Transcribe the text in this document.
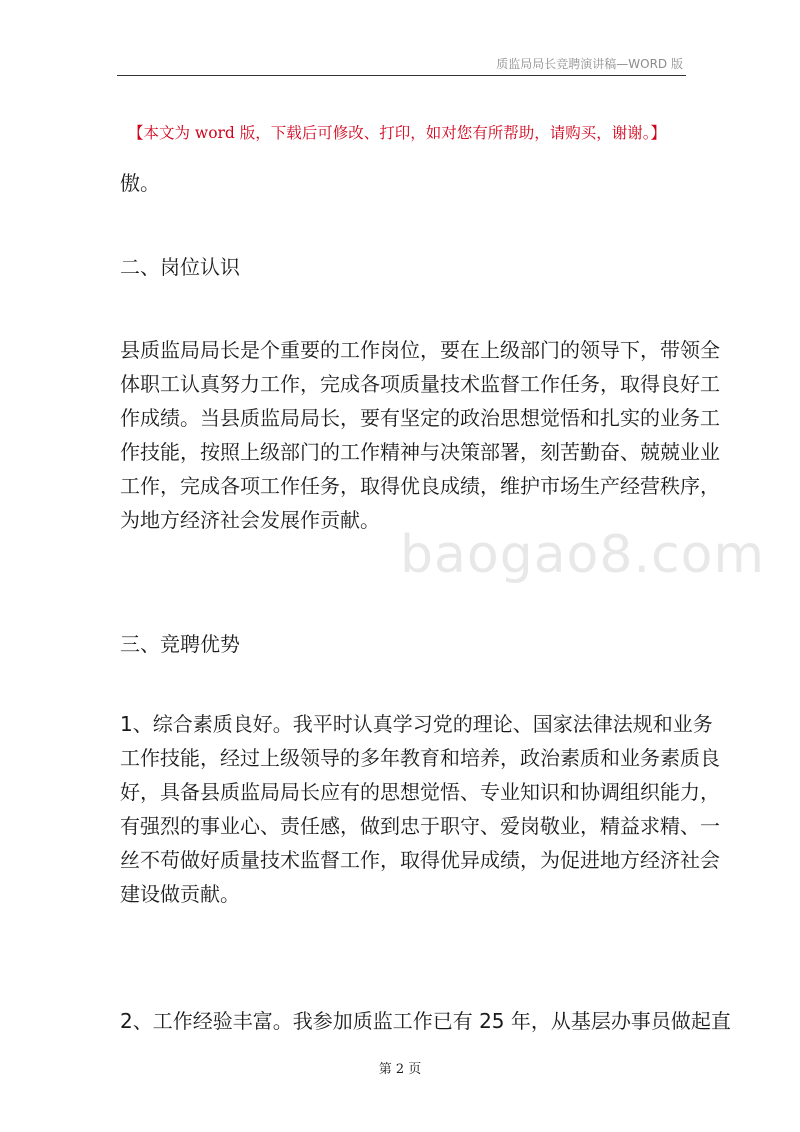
质监局局长竞聘演讲稿—WORD 版
【本文为 word 版，下载后可修改、打印，如对您有所帮助，请购买，谢谢。】
baogao8.com
傲。
二、岗位认识
县质监局局长是个重要的工作岗位，要在上级部门的领导下，带领全
体职工认真努力工作，完成各项质量技术监督工作任务，取得良好工
作成绩。当县质监局局长，要有坚定的政治思想觉悟和扎实的业务工
作技能，按照上级部门的工作精神与决策部署，刻苦勤奋、兢兢业业
工作，完成各项工作任务，取得优良成绩，维护市场生产经营秩序，
为地方经济社会发展作贡献。
三、竞聘优势
1、综合素质良好。我平时认真学习党的理论、国家法律法规和业务
工作技能，经过上级领导的多年教育和培养，政治素质和业务素质良
好，具备县质监局局长应有的思想觉悟、专业知识和协调组织能力，
有强烈的事业心、责任感，做到忠于职守、爱岗敬业，精益求精、一
丝不苟做好质量技术监督工作，取得优异成绩，为促进地方经济社会
建设做贡献。
2、工作经验丰富。我参加质监工作已有 25 年，从基层办事员做起直
第 2 页
